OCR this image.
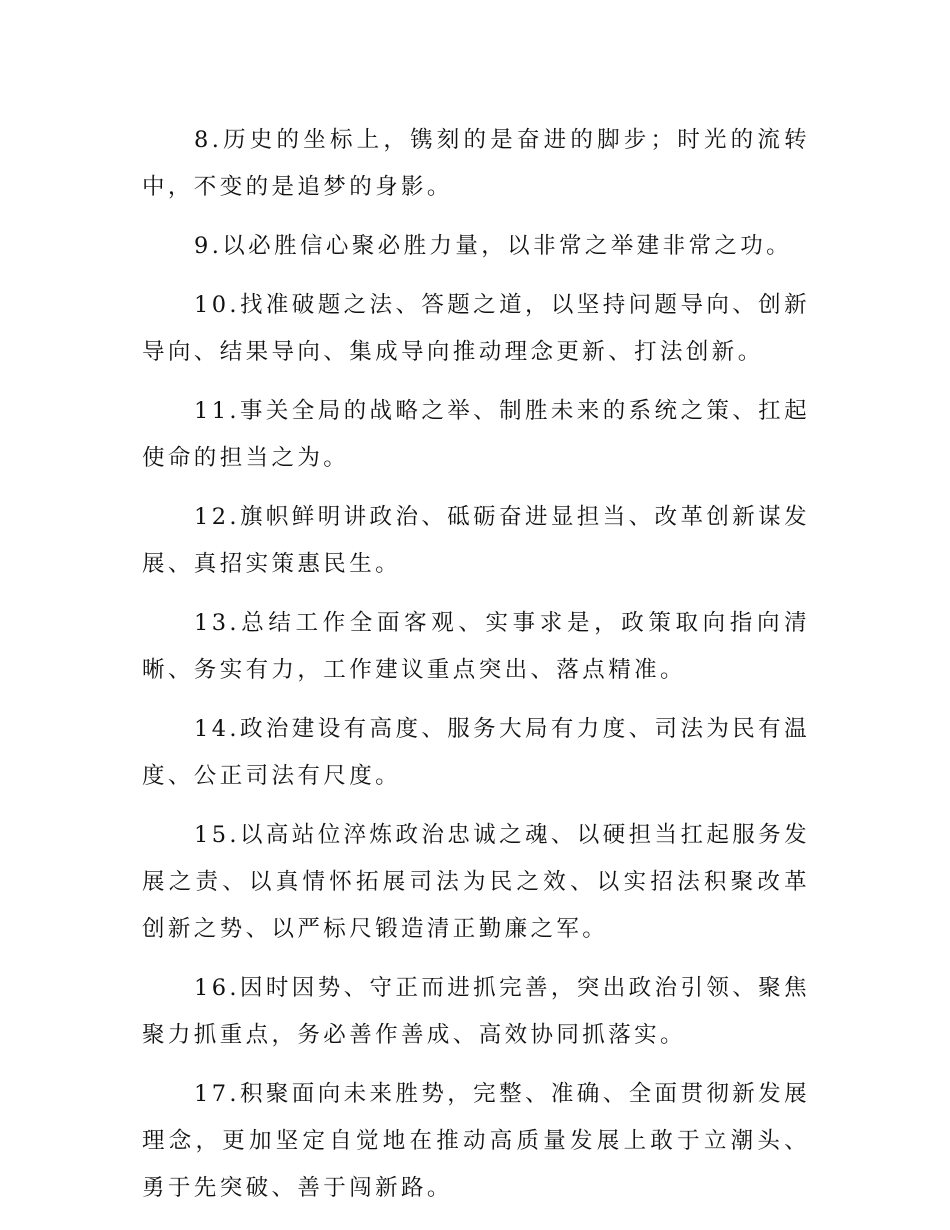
8.历史的坐标上，镌刻的是奋进的脚步；时光的流转中，不变的是追梦的身影。

9.以必胜信心聚必胜力量，以非常之举建非常之功。

10.找准破题之法、答题之道，以坚持问题导向、创新导向、结果导向、集成导向推动理念更新、打法创新。

11.事关全局的战略之举、制胜未来的系统之策、扛起使命的担当之为。

12.旗帜鲜明讲政治、砥砺奋进显担当、改革创新谋发展、真招实策惠民生。

13.总结工作全面客观、实事求是，政策取向指向清晰、务实有力，工作建议重点突出、落点精准。

14.政治建设有高度、服务大局有力度、司法为民有温度、公正司法有尺度。

15.以高站位淬炼政治忠诚之魂、以硬担当扛起服务发展之责、以真情怀拓展司法为民之效、以实招法积聚改革创新之势、以严标尺锻造清正勤廉之军。

16.因时因势、守正而进抓完善，突出政治引领、聚焦聚力抓重点，务必善作善成、高效协同抓落实。

17.积聚面向未来胜势，完整、准确、全面贯彻新发展理念，更加坚定自觉地在推动高质量发展上敢于立潮头、勇于先突破、善于闯新路。
